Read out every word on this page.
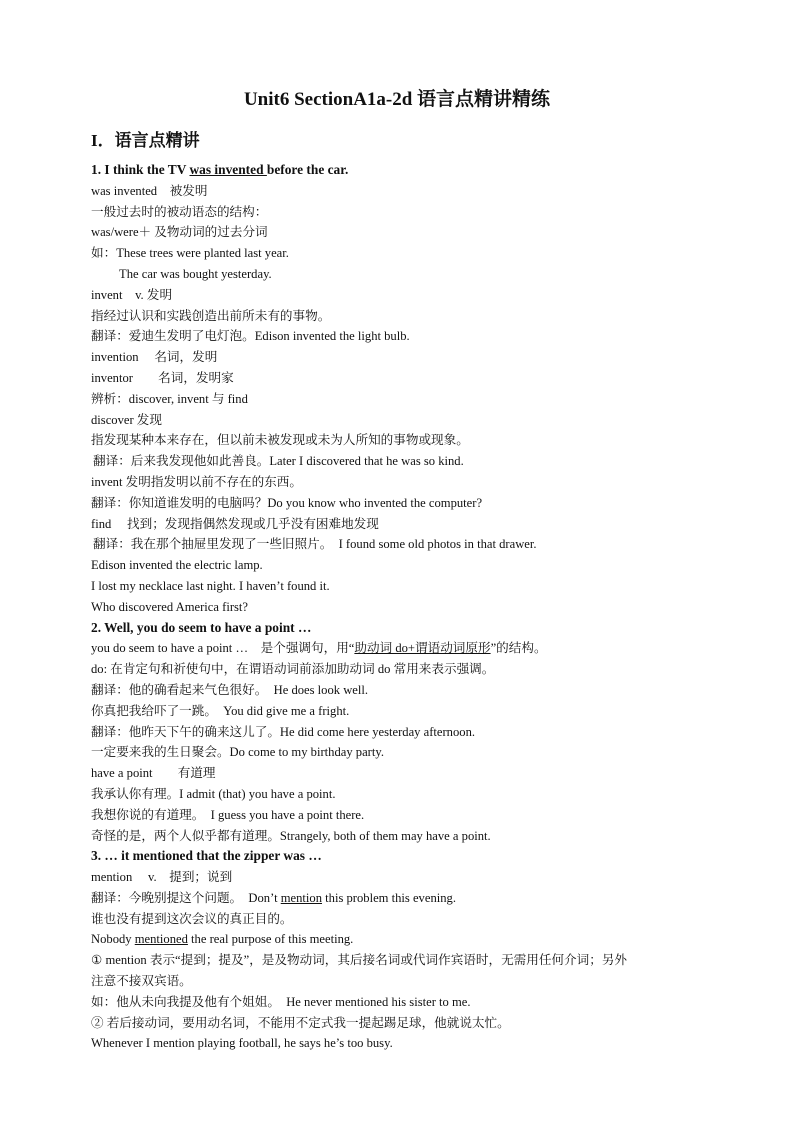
Unit6 SectionA1a-2d 语言点精讲精练
I．语言点精讲
1. I think the TV was invented before the car.
was invented　被发明
一般过去时的被动语态的结构：
was/were＋ 及物动词的过去分词
如：These trees were planted last year.
The car was bought yesterday.
invent　v. 发明
指经过认识和实践创造出前所未有的事物。
翻译：爱迪生发明了电灯泡。Edison invented the light bulb.
invention　 名词，发明
inventor　　名词，发明家
辨析：discover, invent 与 find
discover 发现
指发现某种本来存在，但以前未被发现或未为人所知的事物或现象。
翻译：后来我发现他如此善良。Later I discovered that he was so kind.
invent 发明指发明以前不存在的东西。
翻译：你知道谁发明的电脑吗？Do you know who invented the computer?
find　 找到；发现指偶然发现或几乎没有困难地发现
翻译：我在那个抽屉里发现了一些旧照片。　I found some old photos in that drawer.
Edison invented the electric lamp.
I lost my necklace last night. I haven’t found it.
Who discovered America first?
2. Well, you do seem to have a point …
you do seem to have a point …　是个强调句，用“助动词 do+谓语动词原形”的结构。
do: 在肯定句和祈使句中，在谓语动词前添加助动词 do 常用来表示强调。
翻译：他的确看起来气色很好。　He does look well.
你真把我给吓了一跳。　You did give me a fright.
翻译：他昨天下午的确来这儿了。He did come here yesterday afternoon.
一定要来我的生日聚会。Do come to my birthday party.
have a point　　有道理
我承认你有理。I admit (that) you have a point.
我想你说的有道理。　I guess you have a point there.
奇怪的是，两个人似乎都有道理。Strangely, both of them may have a point.
3. … it mentioned that the zipper was …
mention　 v.　提到；说到
翻译：今晚别提这个问题。　Don’t mention this problem this evening.
谁也没有提到这次会议的真正目的。
Nobody mentioned the real purpose of this meeting.
① mention 表示“提到；提及”，是及物动词，其后接名词或代词作宾语时，无需用任何介词；另外
注意不接双宾语。
如：他从未向我提及他有个姐姐。　He never mentioned his sister to me.
② 若后接动词，要用动名词，不能用不定式我一提起踢足球，他就说太忙。
Whenever I mention playing football, he says he’s too busy.
